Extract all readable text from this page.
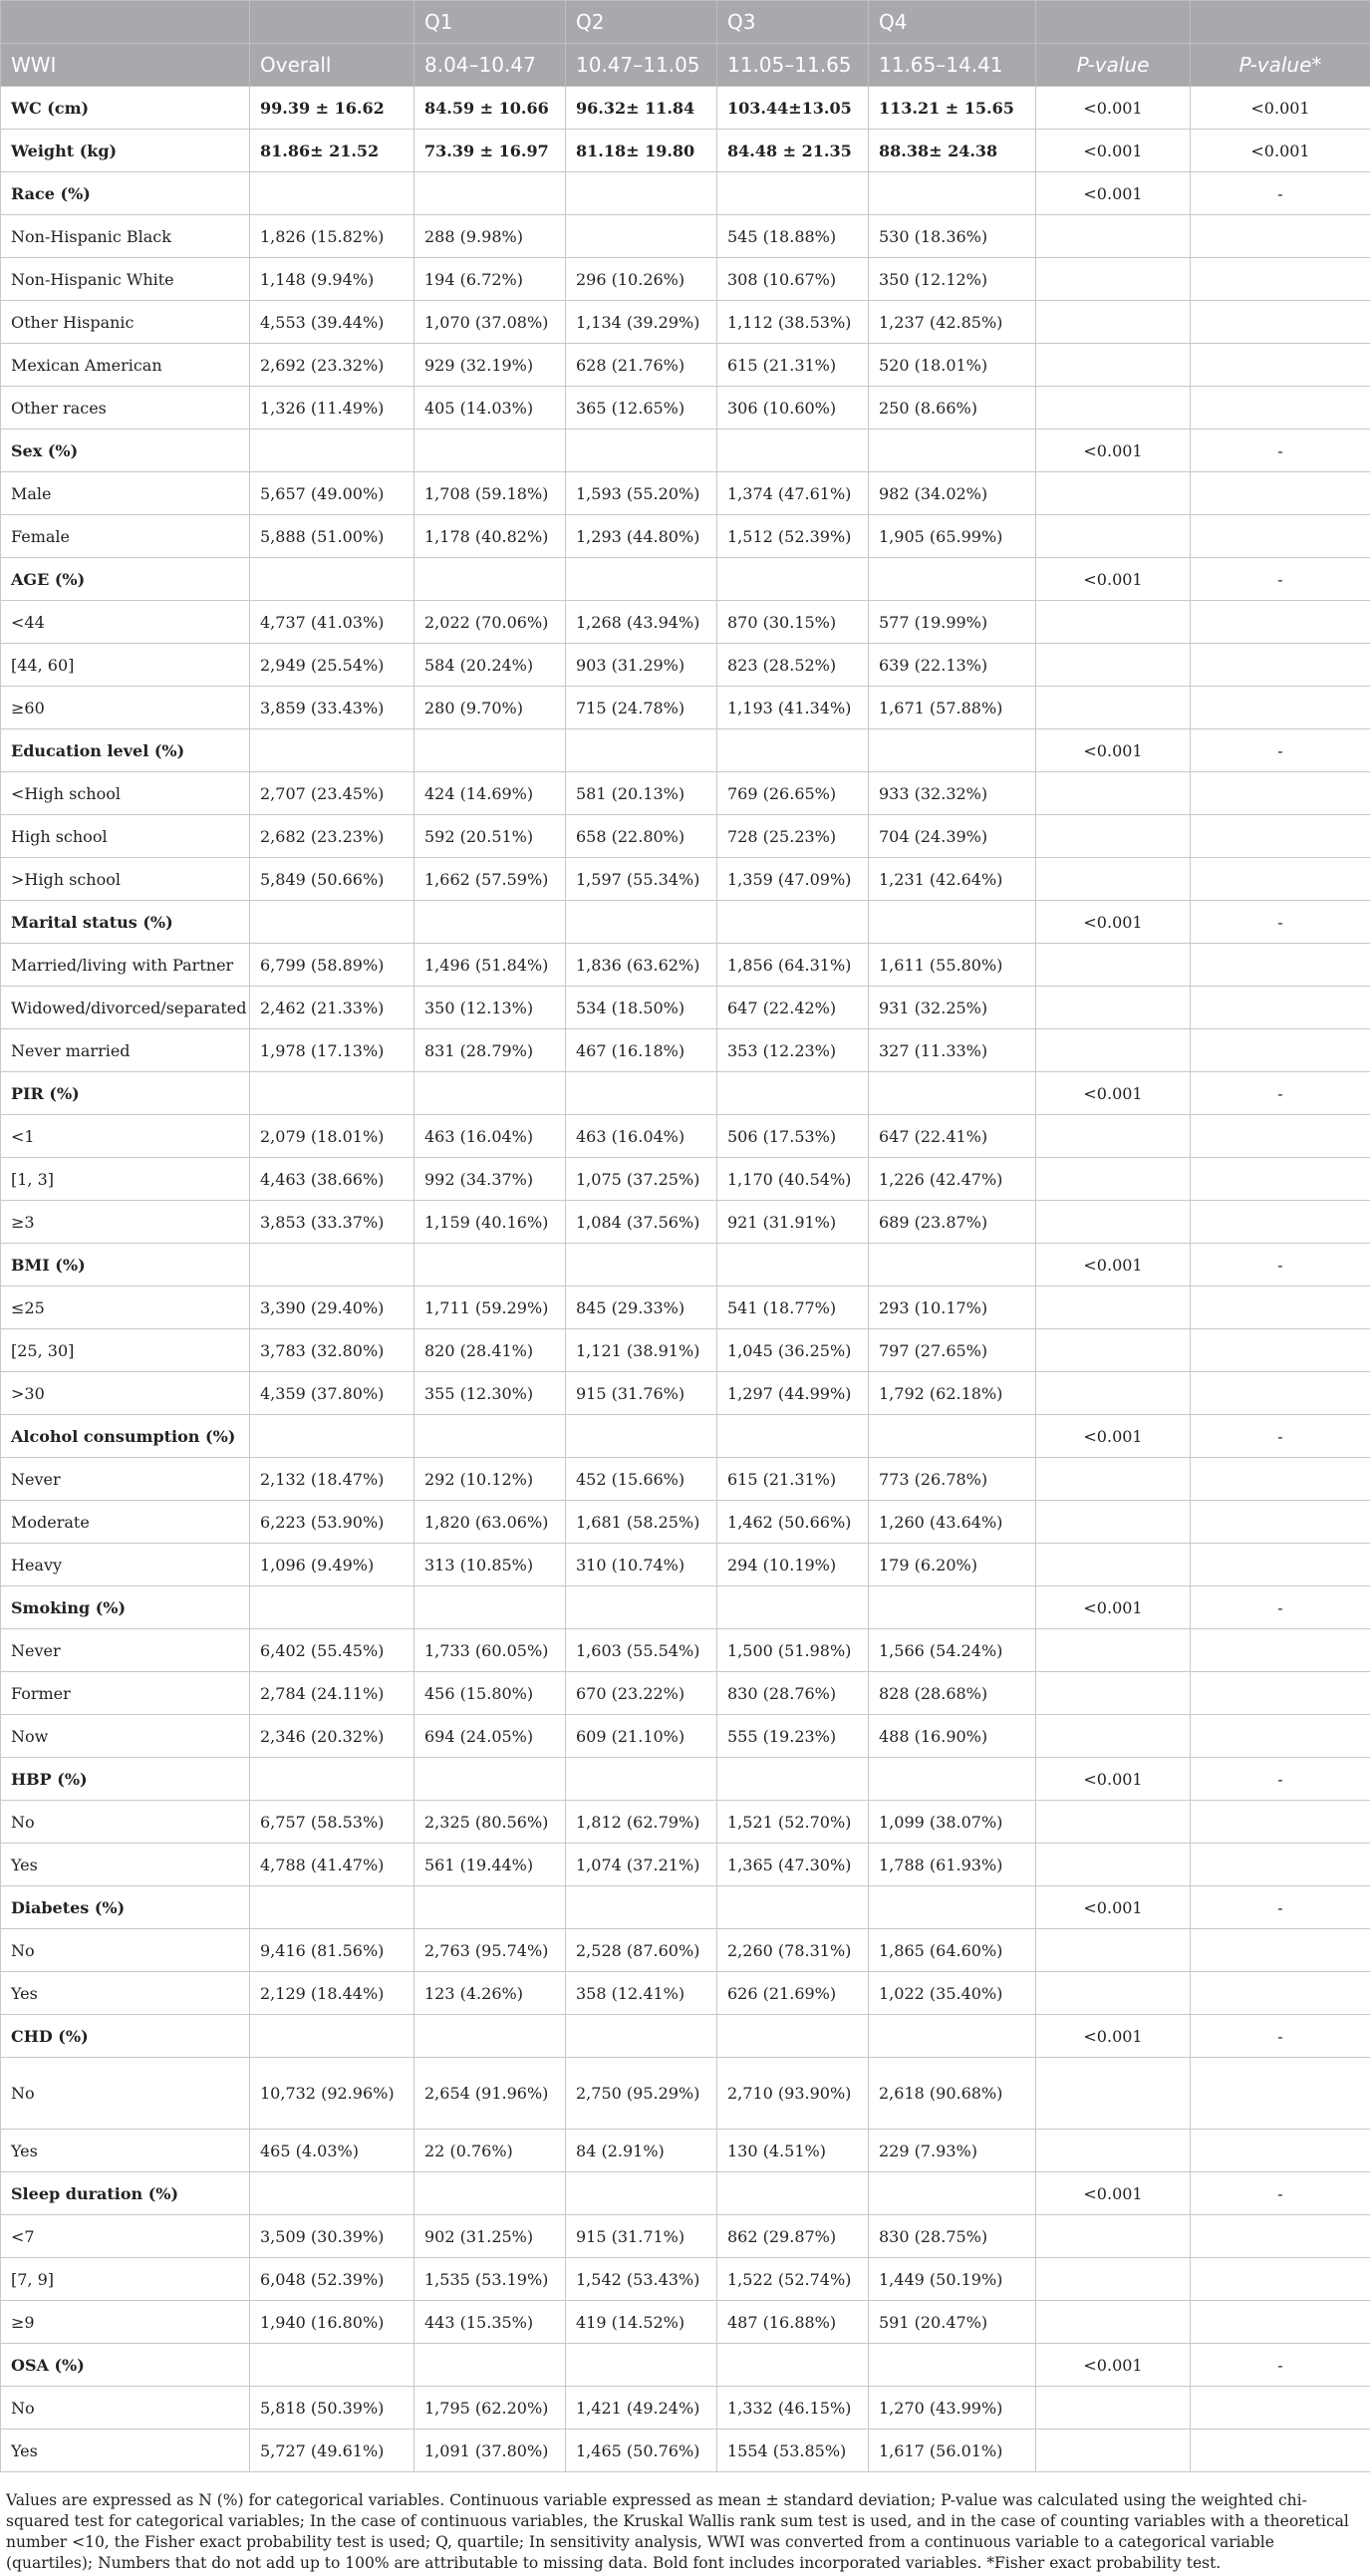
		Q1	Q2	Q3	Q4		
WWI	Overall	8.04–10.47	10.47–11.05	11.05–11.65	11.65–14.41	P-value	P-value*
WC (cm)	99.39 ± 16.62	84.59 ± 10.66	96.32± 11.84	103.44±13.05	113.21 ± 15.65	<0.001	<0.001
Weight (kg)	81.86± 21.52	73.39 ± 16.97	81.18± 19.80	84.48 ± 21.35	88.38± 24.38	<0.001	<0.001
Race (%)						<0.001	-
Non-Hispanic Black	1,826 (15.82%)	288 (9.98%)		545 (18.88%)	530 (18.36%)		
Non-Hispanic White	1,148 (9.94%)	194 (6.72%)	296 (10.26%)	308 (10.67%)	350 (12.12%)		
Other Hispanic	4,553 (39.44%)	1,070 (37.08%)	1,134 (39.29%)	1,112 (38.53%)	1,237 (42.85%)		
Mexican American	2,692 (23.32%)	929 (32.19%)	628 (21.76%)	615 (21.31%)	520 (18.01%)		
Other races	1,326 (11.49%)	405 (14.03%)	365 (12.65%)	306 (10.60%)	250 (8.66%)		
Sex (%)						<0.001	-
Male	5,657 (49.00%)	1,708 (59.18%)	1,593 (55.20%)	1,374 (47.61%)	982 (34.02%)		
Female	5,888 (51.00%)	1,178 (40.82%)	1,293 (44.80%)	1,512 (52.39%)	1,905 (65.99%)		
AGE (%)						<0.001	-
<44	4,737 (41.03%)	2,022 (70.06%)	1,268 (43.94%)	870 (30.15%)	577 (19.99%)		
[44, 60]	2,949 (25.54%)	584 (20.24%)	903 (31.29%)	823 (28.52%)	639 (22.13%)		
≥60	3,859 (33.43%)	280 (9.70%)	715 (24.78%)	1,193 (41.34%)	1,671 (57.88%)		
Education level (%)						<0.001	-
<High school	2,707 (23.45%)	424 (14.69%)	581 (20.13%)	769 (26.65%)	933 (32.32%)		
High school	2,682 (23.23%)	592 (20.51%)	658 (22.80%)	728 (25.23%)	704 (24.39%)		
>High school	5,849 (50.66%)	1,662 (57.59%)	1,597 (55.34%)	1,359 (47.09%)	1,231 (42.64%)		
Marital status (%)						<0.001	-
Married/living with Partner	6,799 (58.89%)	1,496 (51.84%)	1,836 (63.62%)	1,856 (64.31%)	1,611 (55.80%)		
Widowed/divorced/separated	2,462 (21.33%)	350 (12.13%)	534 (18.50%)	647 (22.42%)	931 (32.25%)		
Never married	1,978 (17.13%)	831 (28.79%)	467 (16.18%)	353 (12.23%)	327 (11.33%)		
PIR (%)						<0.001	-
<1	2,079 (18.01%)	463 (16.04%)	463 (16.04%)	506 (17.53%)	647 (22.41%)		
[1, 3]	4,463 (38.66%)	992 (34.37%)	1,075 (37.25%)	1,170 (40.54%)	1,226 (42.47%)		
≥3	3,853 (33.37%)	1,159 (40.16%)	1,084 (37.56%)	921 (31.91%)	689 (23.87%)		
BMI (%)						<0.001	-
≤25	3,390 (29.40%)	1,711 (59.29%)	845 (29.33%)	541 (18.77%)	293 (10.17%)		
[25, 30]	3,783 (32.80%)	820 (28.41%)	1,121 (38.91%)	1,045 (36.25%)	797 (27.65%)		
>30	4,359 (37.80%)	355 (12.30%)	915 (31.76%)	1,297 (44.99%)	1,792 (62.18%)		
Alcohol consumption (%)						<0.001	-
Never	2,132 (18.47%)	292 (10.12%)	452 (15.66%)	615 (21.31%)	773 (26.78%)		
Moderate	6,223 (53.90%)	1,820 (63.06%)	1,681 (58.25%)	1,462 (50.66%)	1,260 (43.64%)		
Heavy	1,096 (9.49%)	313 (10.85%)	310 (10.74%)	294 (10.19%)	179 (6.20%)		
Smoking (%)						<0.001	-
Never	6,402 (55.45%)	1,733 (60.05%)	1,603 (55.54%)	1,500 (51.98%)	1,566 (54.24%)		
Former	2,784 (24.11%)	456 (15.80%)	670 (23.22%)	830 (28.76%)	828 (28.68%)		
Now	2,346 (20.32%)	694 (24.05%)	609 (21.10%)	555 (19.23%)	488 (16.90%)		
HBP (%)						<0.001	-
No	6,757 (58.53%)	2,325 (80.56%)	1,812 (62.79%)	1,521 (52.70%)	1,099 (38.07%)		
Yes	4,788 (41.47%)	561 (19.44%)	1,074 (37.21%)	1,365 (47.30%)	1,788 (61.93%)		
Diabetes (%)						<0.001	-
No	9,416 (81.56%)	2,763 (95.74%)	2,528 (87.60%)	2,260 (78.31%)	1,865 (64.60%)		
Yes	2,129 (18.44%)	123 (4.26%)	358 (12.41%)	626 (21.69%)	1,022 (35.40%)		
CHD (%)						<0.001	-
No	10,732 (92.96%)	2,654 (91.96%)	2,750 (95.29%)	2,710 (93.90%)	2,618 (90.68%)		
Yes	465 (4.03%)	22 (0.76%)	84 (2.91%)	130 (4.51%)	229 (7.93%)		
Sleep duration (%)						<0.001	-
<7	3,509 (30.39%)	902 (31.25%)	915 (31.71%)	862 (29.87%)	830 (28.75%)		
[7, 9]	6,048 (52.39%)	1,535 (53.19%)	1,542 (53.43%)	1,522 (52.74%)	1,449 (50.19%)		
≥9	1,940 (16.80%)	443 (15.35%)	419 (14.52%)	487 (16.88%)	591 (20.47%)		
OSA (%)						<0.001	-
No	5,818 (50.39%)	1,795 (62.20%)	1,421 (49.24%)	1,332 (46.15%)	1,270 (43.99%)		
Yes	5,727 (49.61%)	1,091 (37.80%)	1,465 (50.76%)	1554 (53.85%)	1,617 (56.01%)		

Values are expressed as N (%) for categorical variables. Continuous variable expressed as mean ± standard deviation; P-value was calculated using the weighted chi-squared test for categorical variables; In the case of continuous variables, the Kruskal Wallis rank sum test is used, and in the case of counting variables with a theoretical number <10, the Fisher exact probability test is used; Q, quartile; In sensitivity analysis, WWI was converted from a continuous variable to a categorical variable (quartiles); Numbers that do not add up to 100% are attributable to missing data. Bold font includes incorporated variables. *Fisher exact probability test.
